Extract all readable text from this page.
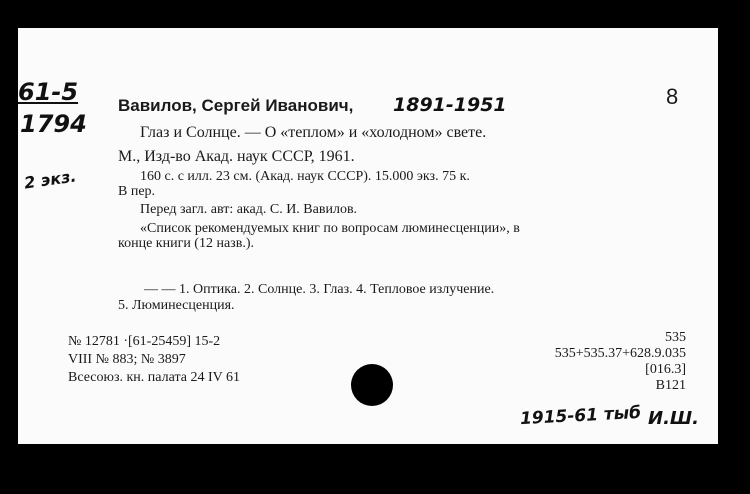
61-5
1794
2 экз.
8
Вавилов, Сергей Иванович, 1891-1951
Глаз и Солнце. — О «теплом» и «холодном» свете.
М., Изд-во Акад. наук СССР, 1961.
160 с. с илл. 23 см. (Акад. наук СССР). 15.000 экз. 75 к.
В пер.
Перед загл. авт: акад. С. И. Вавилов.
«Список рекомендуемых книг по вопросам люминесценции», в
конце книги (12 назв.).
— — 1. Оптика. 2. Солнце. 3. Глаз. 4. Тепловое излучение.
5. Люминесценция.
№ 12781 ·[61-25459] 15-2
VIII № 883; № 3897
Всесоюз. кн. палата 24 IV 61
535
535+535.37+628.9.035
[016.3]
В121
1915-61 тыб И.Ш.
